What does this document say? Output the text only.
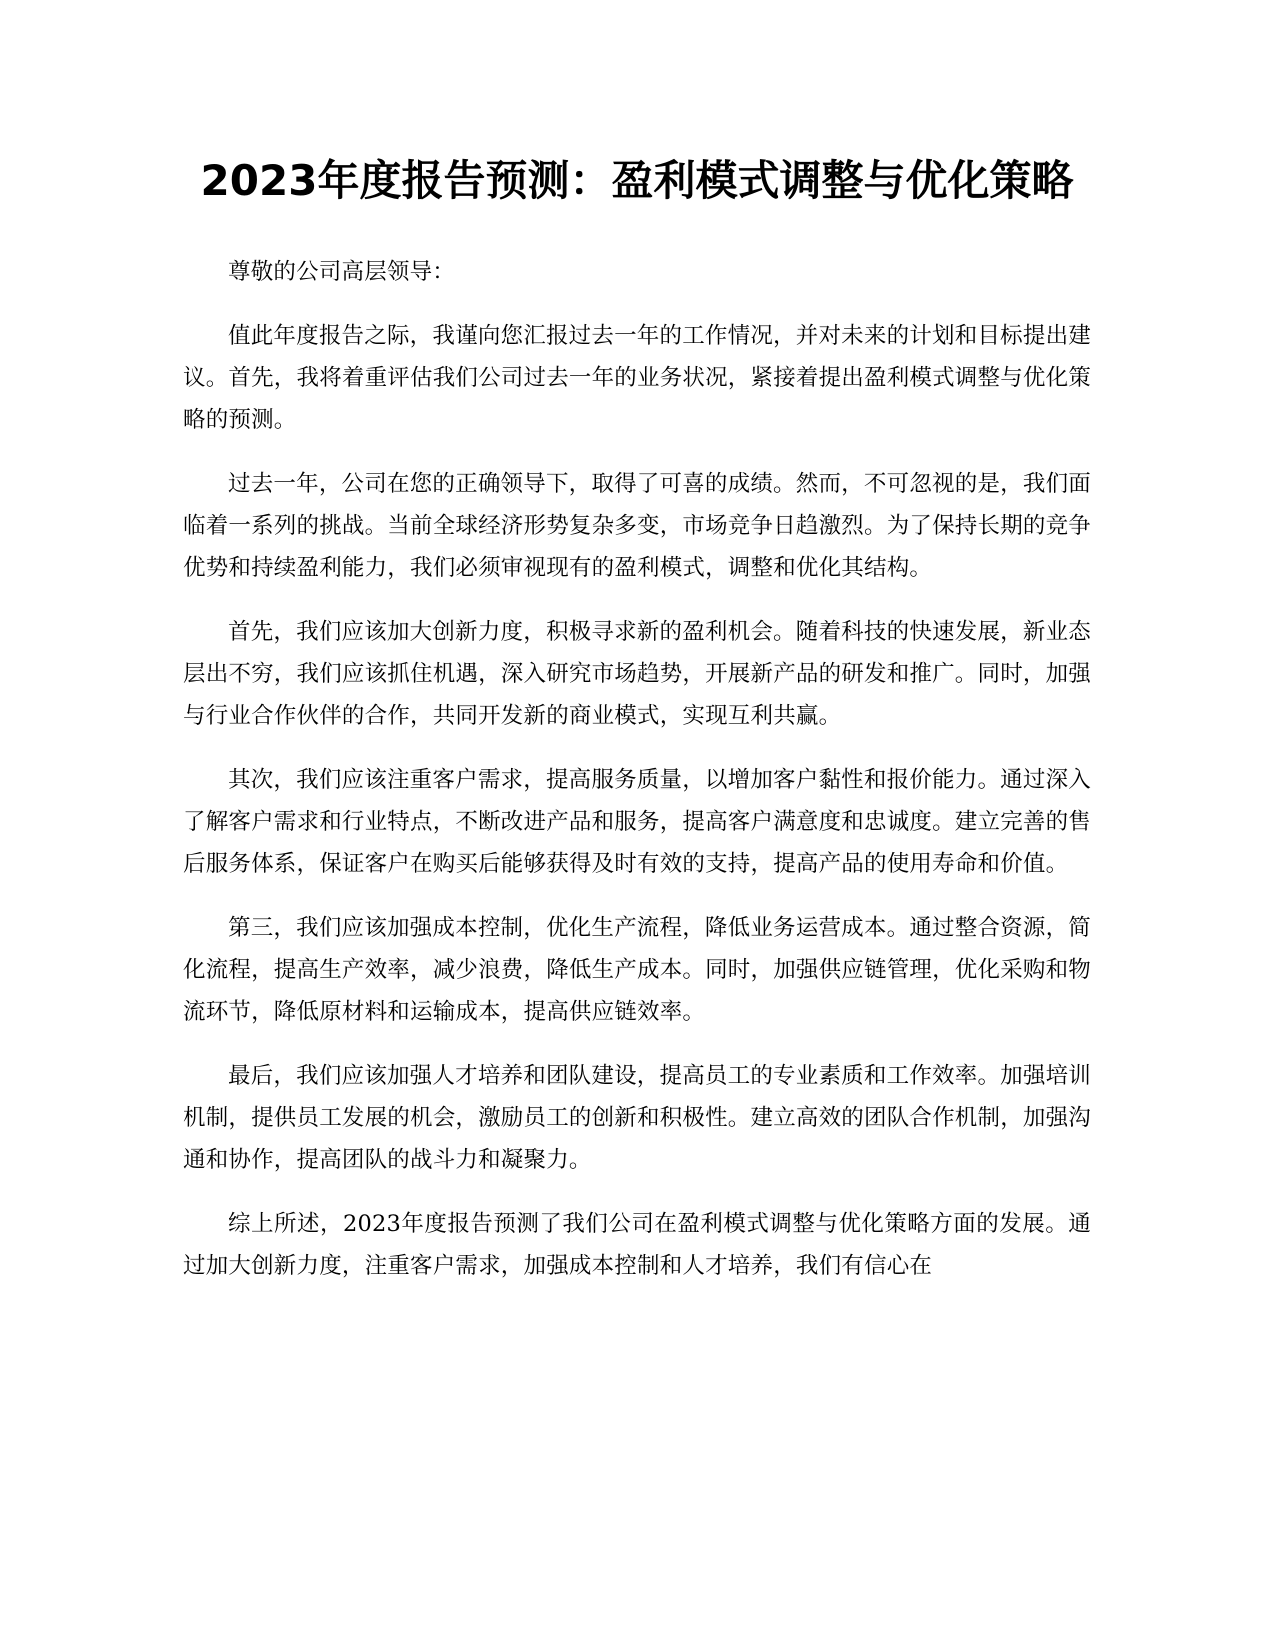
2023年度报告预测：盈利模式调整与优化策略

尊敬的公司高层领导：

值此年度报告之际，我谨向您汇报过去一年的工作情况，并对未来的计划和目标提出建议。首先，我将着重评估我们公司过去一年的业务状况，紧接着提出盈利模式调整与优化策略的预测。

过去一年，公司在您的正确领导下，取得了可喜的成绩。然而，不可忽视的是，我们面临着一系列的挑战。当前全球经济形势复杂多变，市场竞争日趋激烈。为了保持长期的竞争优势和持续盈利能力，我们必须审视现有的盈利模式，调整和优化其结构。

首先，我们应该加大创新力度，积极寻求新的盈利机会。随着科技的快速发展，新业态层出不穷，我们应该抓住机遇，深入研究市场趋势，开展新产品的研发和推广。同时，加强与行业合作伙伴的合作，共同开发新的商业模式，实现互利共赢。

其次，我们应该注重客户需求，提高服务质量，以增加客户黏性和报价能力。通过深入了解客户需求和行业特点，不断改进产品和服务，提高客户满意度和忠诚度。建立完善的售后服务体系，保证客户在购买后能够获得及时有效的支持，提高产品的使用寿命和价值。

第三，我们应该加强成本控制，优化生产流程，降低业务运营成本。通过整合资源，简化流程，提高生产效率，减少浪费，降低生产成本。同时，加强供应链管理，优化采购和物流环节，降低原材料和运输成本，提高供应链效率。

最后，我们应该加强人才培养和团队建设，提高员工的专业素质和工作效率。加强培训机制，提供员工发展的机会，激励员工的创新和积极性。建立高效的团队合作机制，加强沟通和协作，提高团队的战斗力和凝聚力。

综上所述，2023年度报告预测了我们公司在盈利模式调整与优化策略方面的发展。通过加大创新力度，注重客户需求，加强成本控制和人才培养，我们有信心在
